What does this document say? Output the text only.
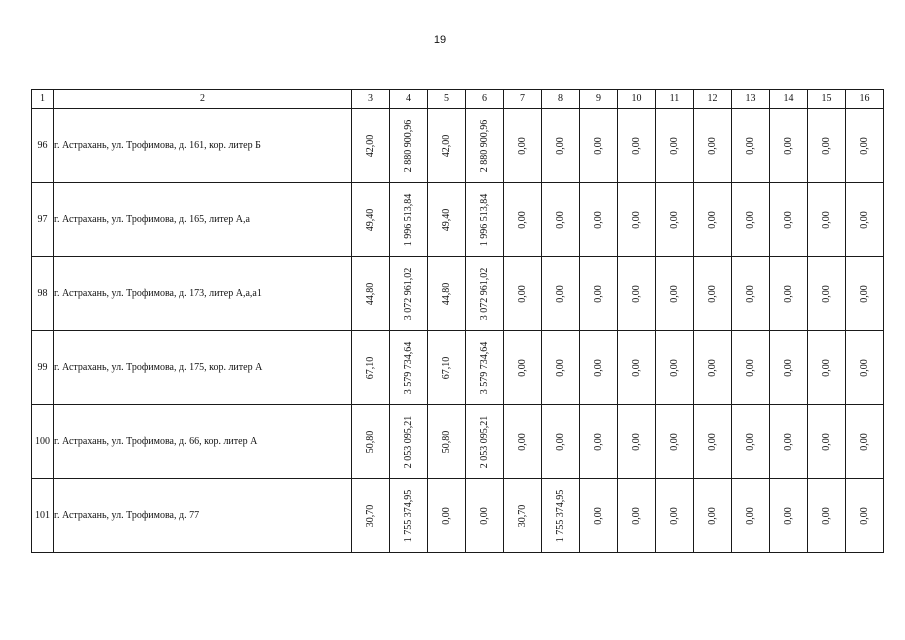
19
1	2	3	4	5	6	7	8	9	10	11	12	13	14	15	16
96	г. Астрахань, ул. Трофимова, д. 161, кор. литер Б	42,00	2 880 900,96	42,00	2 880 900,96	0,00	0,00	0,00	0,00	0,00	0,00	0,00	0,00	0,00	0,00

97	г. Астрахань, ул. Трофимова, д. 165, литер А,а	49,40	1 996 513,84	49,40	1 996 513,84	0,00	0,00	0,00	0,00	0,00	0,00	0,00	0,00	0,00	0,00

98	г. Астрахань, ул. Трофимова, д. 173, литер А,а,а1	44,80	3 072 961,02	44,80	3 072 961,02	0,00	0,00	0,00	0,00	0,00	0,00	0,00	0,00	0,00	0,00

99	г. Астрахань, ул. Трофимова, д. 175, кор. литер А	67,10	3 579 734,64	67,10	3 579 734,64	0,00	0,00	0,00	0,00	0,00	0,00	0,00	0,00	0,00	0,00

100	г. Астрахань, ул. Трофимова, д. 66, кор. литер А	50,80	2 053 095,21	50,80	2 053 095,21	0,00	0,00	0,00	0,00	0,00	0,00	0,00	0,00	0,00	0,00

101	г. Астрахань, ул. Трофимова, д. 77	30,70	1 755 374,95	0,00	0,00	30,70	1 755 374,95	0,00	0,00	0,00	0,00	0,00	0,00	0,00	0,00
